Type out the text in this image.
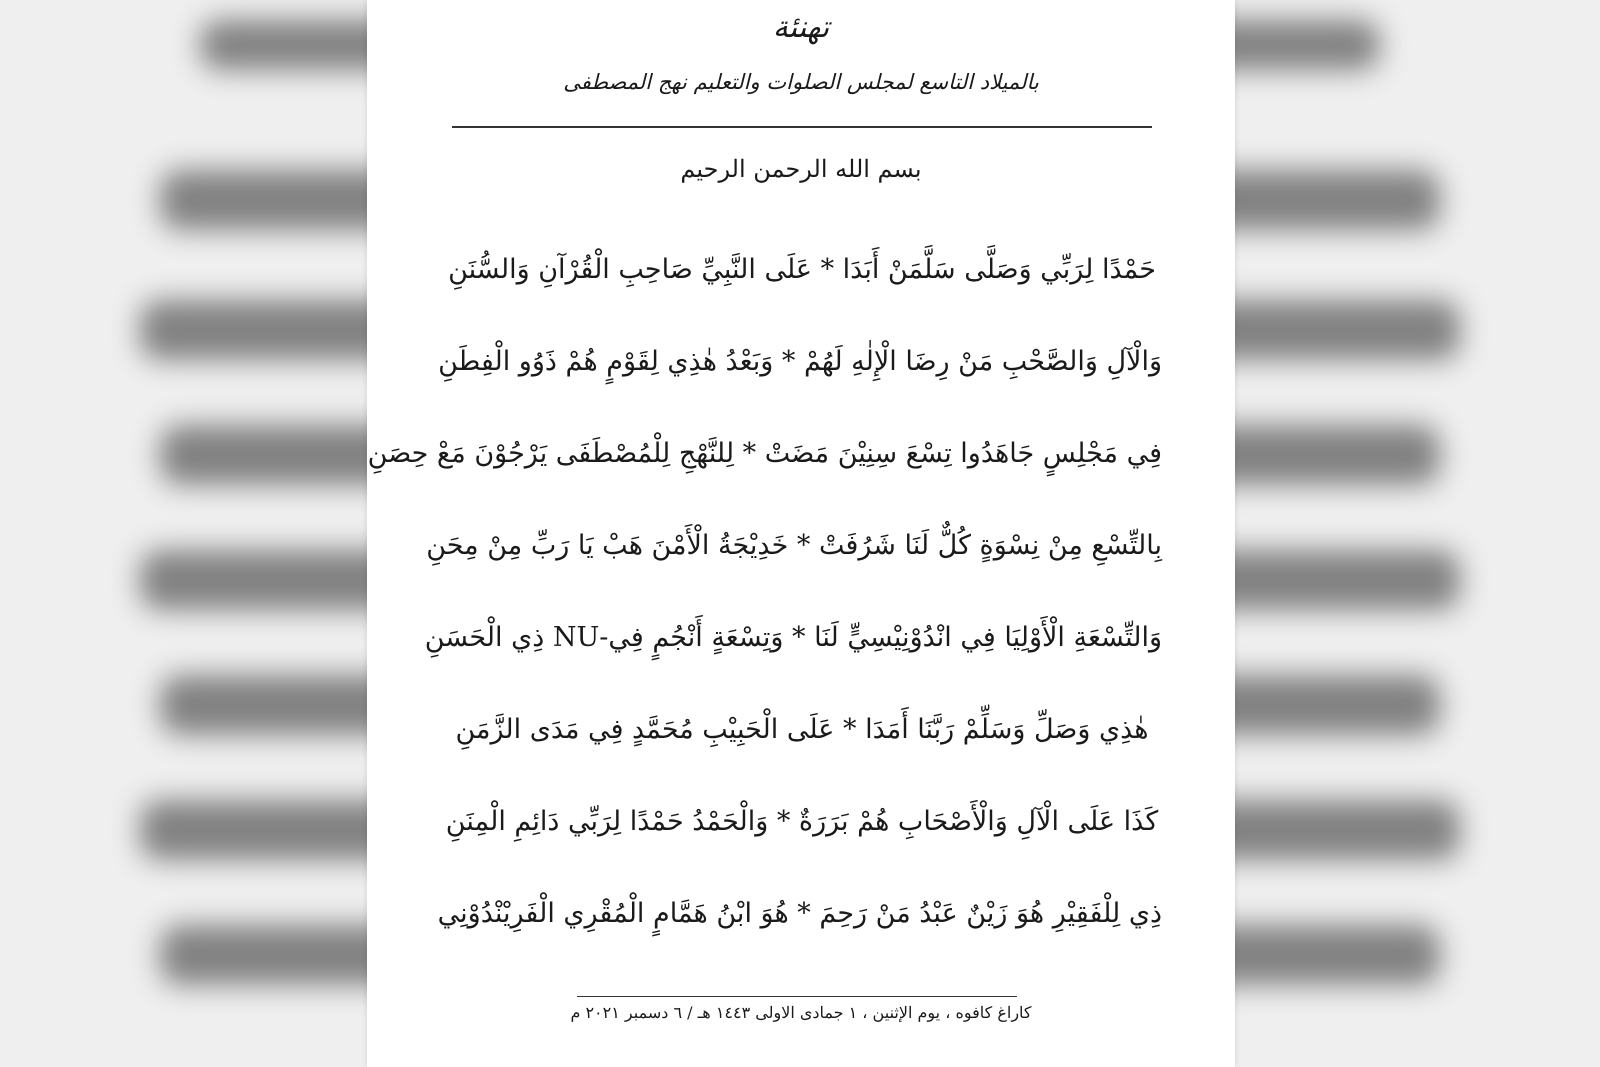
تهنئة
بالميلاد التاسع لمجلس الصلوات والتعليم نهج المصطفى
بسم الله الرحمن الرحيم
حَمْدًا لِرَبِّي وَصَلَّى سَلَّمَنْ أَبَدَا * عَلَى النَّبِيِّ صَاحِبِ الْقُرْآنِ وَالسُّنَنِ
وَالْآلِ وَالصَّحْبِ مَنْ رِضَا الْإِلٰهِ لَهُمْ * وَبَعْدُ هٰذِي لِقَوْمٍ هُمْ ذَوُو الْفِطَنِ
فِي مَجْلِسٍ جَاهَدُوا تِسْعَ سِنِيْنَ مَضَتْ * لِلنَّهْجِ لِلْمُصْطَفَى يَرْجُوْنَ مَعْ حِصَنِ
بِالتِّسْعِ مِنْ نِسْوَةٍ كُلٌّ لَنَا شَرُفَتْ * خَدِيْجَةُ الْأَمْنَ هَبْ يَا رَبِّ مِنْ مِحَنِ
وَالتِّسْعَةِ الْأَوْلِيَا فِي انْدُوْنِيْسِيٍّ لَنَا * وَتِسْعَةٍ أَنْجُمٍ فِي-NU ذِي الْحَسَنِ
هٰذِي وَصَلِّ وَسَلِّمْ رَبَّنَا أَمَدَا * عَلَى الْحَبِيْبِ مُحَمَّدٍ فِي مَدَى الزَّمَنِ
كَذَا عَلَى الْآلِ وَالْأَصْحَابِ هُمْ بَرَرَةٌ * وَالْحَمْدُ حَمْدًا لِرَبِّي دَائِمِ الْمِنَنِ
ذِي لِلْفَقِيْرِ هُوَ زَيْنٌ عَبْدُ مَنْ رَحِمَ * هُوَ ابْنُ هَمَّامٍ الْمُقْرِي الْفَرِيْنْدُوْنِي
كاراغ كافوه ، يوم الإثنين ، ١ جمادى الاولى ١٤٤٣ هـ / ٦ دسمبر ٢٠٢١ م
